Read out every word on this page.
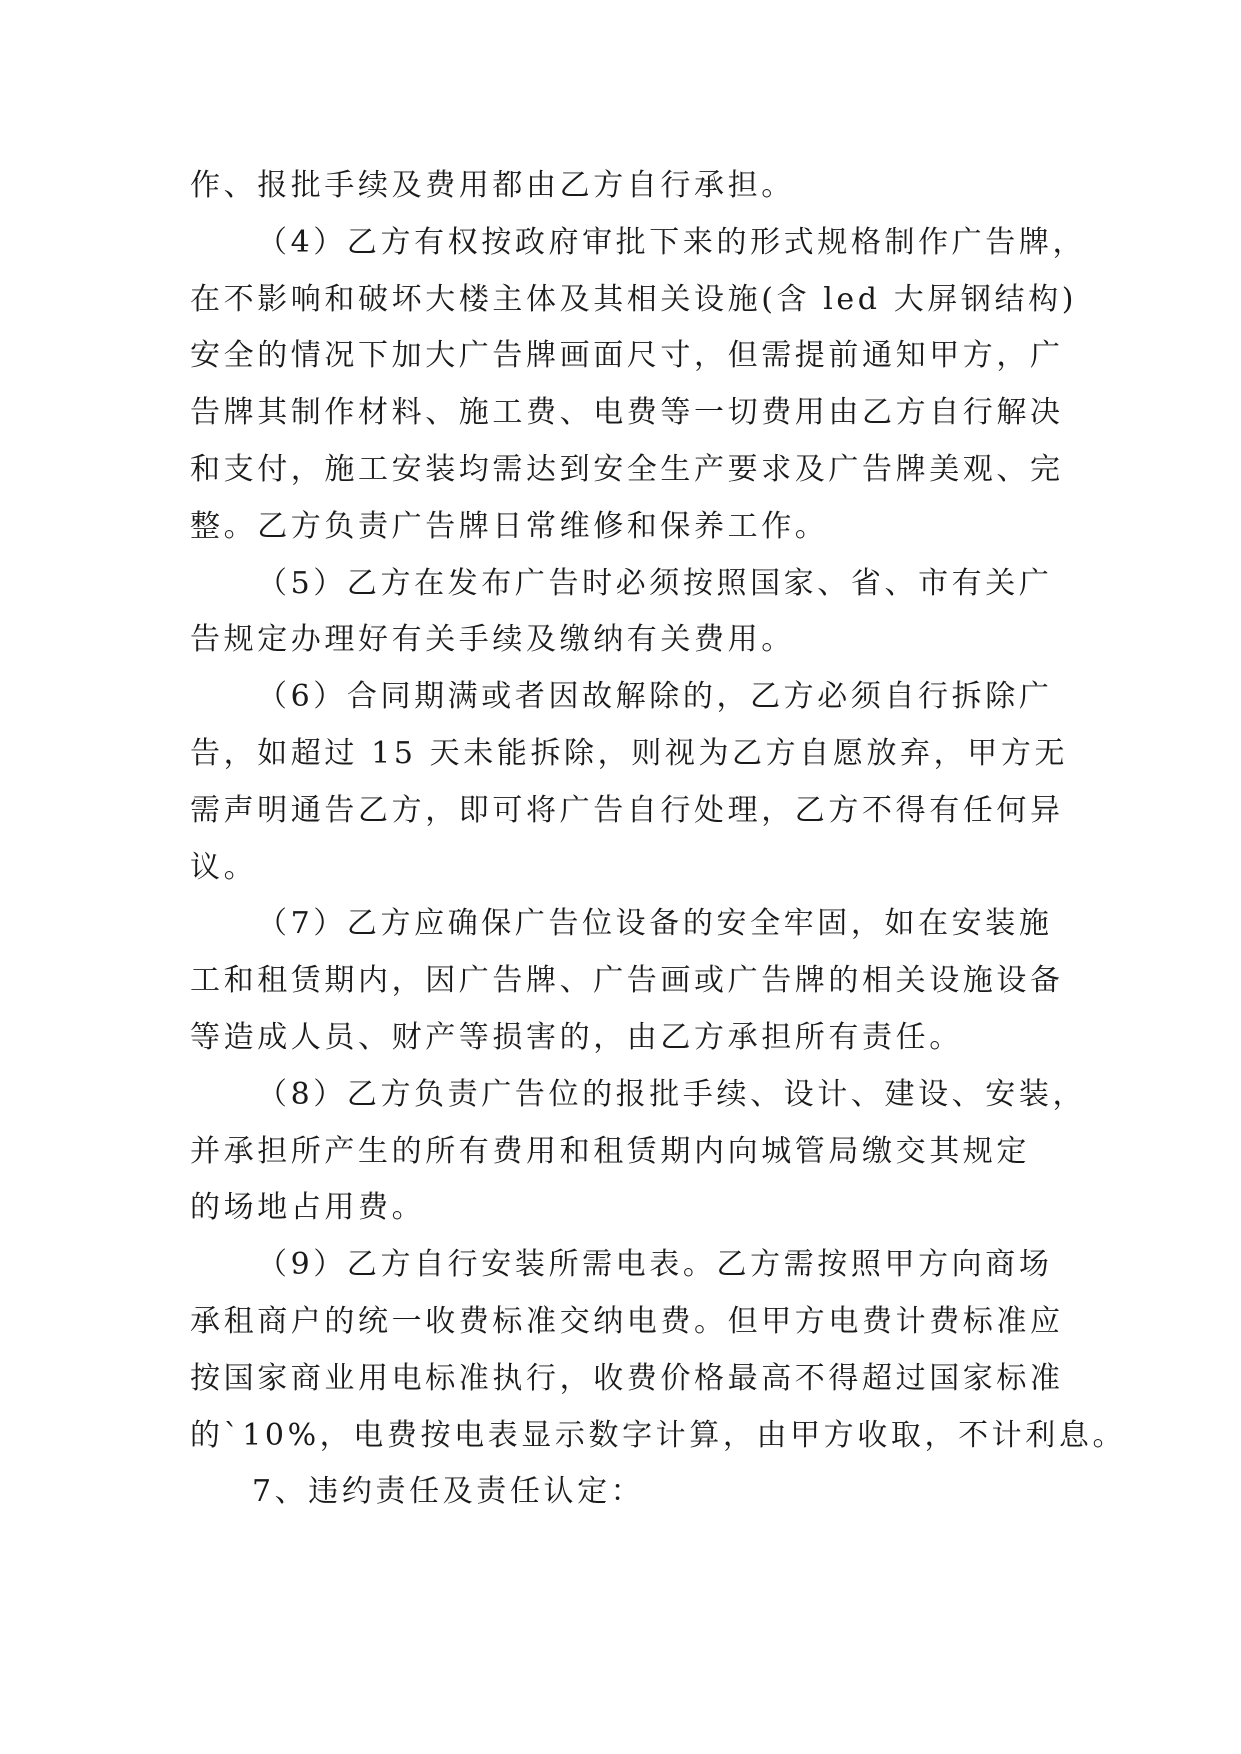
作、报批手续及费用都由乙方自行承担。
（4）乙方有权按政府审批下来的形式规格制作广告牌，
在不影响和破坏大楼主体及其相关设施(含 led 大屏钢结构)
安全的情况下加大广告牌画面尺寸，但需提前通知甲方，广
告牌其制作材料、施工费、电费等一切费用由乙方自行解决
和支付，施工安装均需达到安全生产要求及广告牌美观、完
整。乙方负责广告牌日常维修和保养工作。
（5）乙方在发布广告时必须按照国家、省、市有关广
告规定办理好有关手续及缴纳有关费用。
（6）合同期满或者因故解除的，乙方必须自行拆除广
告，如超过 15 天未能拆除，则视为乙方自愿放弃，甲方无
需声明通告乙方，即可将广告自行处理，乙方不得有任何异
议。
（7）乙方应确保广告位设备的安全牢固，如在安装施
工和租赁期内，因广告牌、广告画或广告牌的相关设施设备
等造成人员、财产等损害的，由乙方承担所有责任。
（8）乙方负责广告位的报批手续、设计、建设、安装，
并承担所产生的所有费用和租赁期内向城管局缴交其规定
的场地占用费。
（9）乙方自行安装所需电表。乙方需按照甲方向商场
承租商户的统一收费标准交纳电费。但甲方电费计费标准应
按国家商业用电标准执行，收费价格最高不得超过国家标准
的`10%，电费按电表显示数字计算，由甲方收取，不计利息。
7、违约责任及责任认定：
